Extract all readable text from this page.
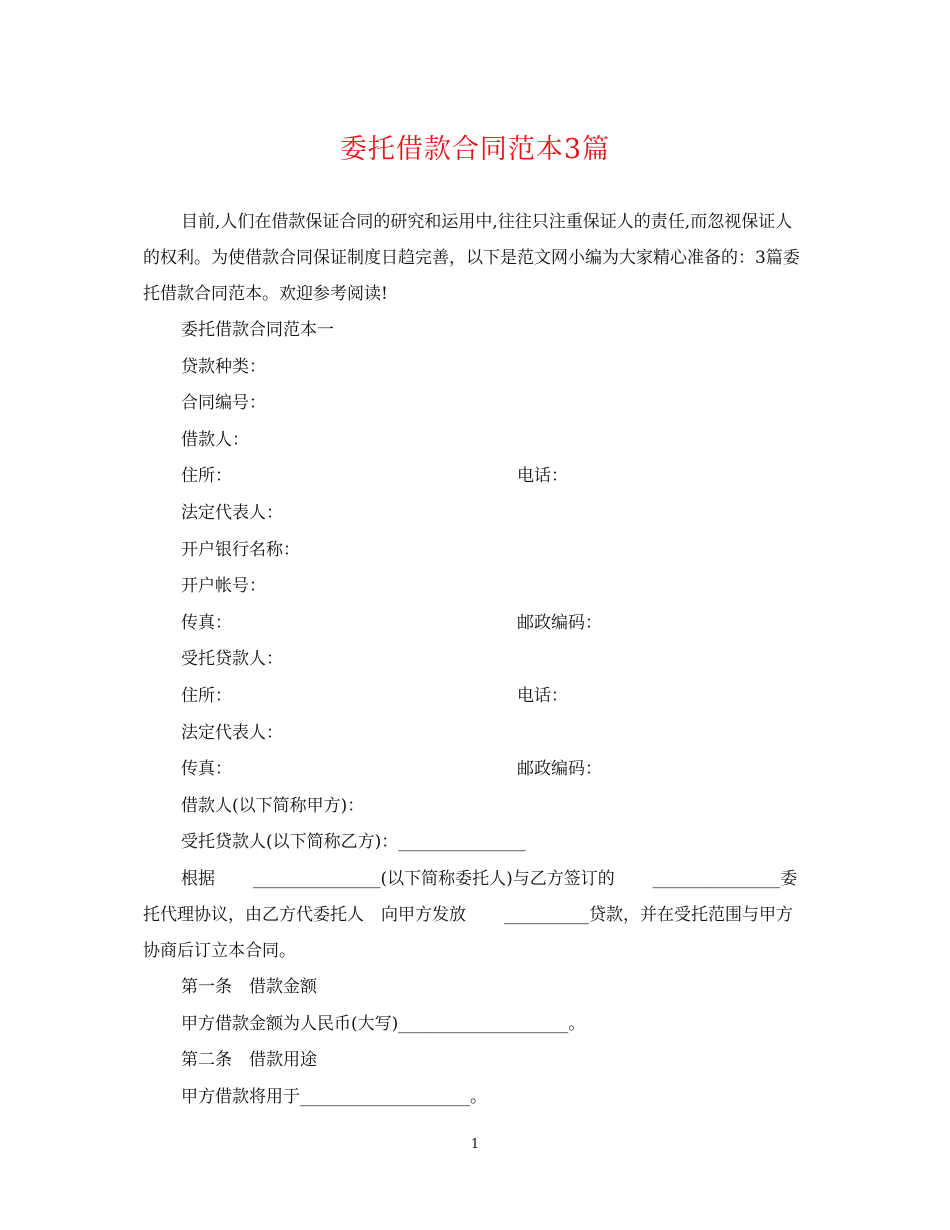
委托借款合同范本3篇

目前,人们在借款保证合同的研究和运用中,往往只注重保证人的责任,而忽视保证人的权利。为使借款合同保证制度日趋完善，以下是范文网小编为大家精心准备的：3篇委托借款合同范本。欢迎参考阅读!

委托借款合同范本一
贷款种类：
合同编号：
借款人：
住所：	电话：
法定代表人：
开户银行名称：
开户帐号：
传真：	邮政编码：
受托贷款人：
住所：	电话：
法定代表人：
传真：	邮政编码：
借款人(以下简称甲方)：
受托贷款人(以下简称乙方)：_______________

根据 _______________(以下简称委托人)与乙方签订的 _______________委托代理协议，由乙方代委托人　向甲方发放 __________贷款，并在受托范围与甲方协商后订立本合同。

第一条　借款金额
甲方借款金额为人民币(大写)____________________。
第二条　借款用途
甲方借款将用于____________________。
1
